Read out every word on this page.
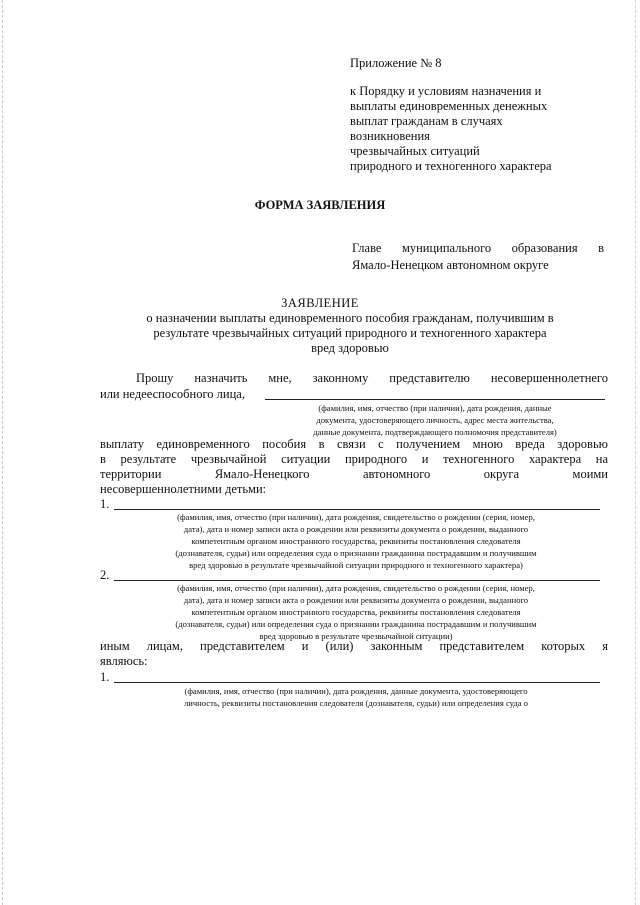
Приложение № 8
к Порядку и условиям назначения и
выплаты единовременных денежных
выплат гражданам в случаях
возникновения
чрезвычайных ситуаций
природного и техногенного характера
ФОРМА ЗАЯВЛЕНИЯ
Главе муниципального образования в
Ямало-Ненецком автономном округе
ЗАЯВЛЕНИЕ
о назначении выплаты единовременного пособия гражданам, получившим в
результате чрезвычайных ситуаций природного и техногенного характера
вред здоровью
Прошу назначить мне, законному представителю несовершеннолетнего
или недееспособного лица,
(фамилия, имя, отчество (при наличии), дата рождения, данные
документа, удостоверяющего личность, адрес места жительства,
данные документа, подтверждающего полномочия представителя)
выплату единовременного пособия в связи с получением мною вреда здоровью
в результате чрезвычайной ситуации природного и техногенного характера на
территории Ямало-Ненецкого автономного округа моими
несовершеннолетними детьми:
1.
(фамилия, имя, отчество (при наличии), дата рождения, свидетельство о рождении (серия, номер,
дата), дата и номер записи акта о рождении или реквизиты документа о рождении, выданного
компетентным органом иностранного государства, реквизиты постановления следователя
(дознавателя, судьи) или определения суда о признании гражданина пострадавшим и получившим
вред здоровью в результате чрезвычайной ситуации природного и техногенного характера)
2.
(фамилия, имя, отчество (при наличии), дата рождения, свидетельство о рождении (серия, номер,
дата), дата и номер записи акта о рождении или реквизиты документа о рождении, выданного
компетентным органом иностранного государства, реквизиты постановления следователя
(дознавателя, судьи) или определения суда о признании гражданина пострадавшим и получившим
вред здоровью в результате чрезвычайной ситуации)
иным лицам, представителем и (или) законным представителем которых я
являюсь:
1.
(фамилия, имя, отчество (при наличии), дата рождения, данные документа, удостоверяющего
личность, реквизиты постановления следователя (дознавателя, судьи) или определения суда о
